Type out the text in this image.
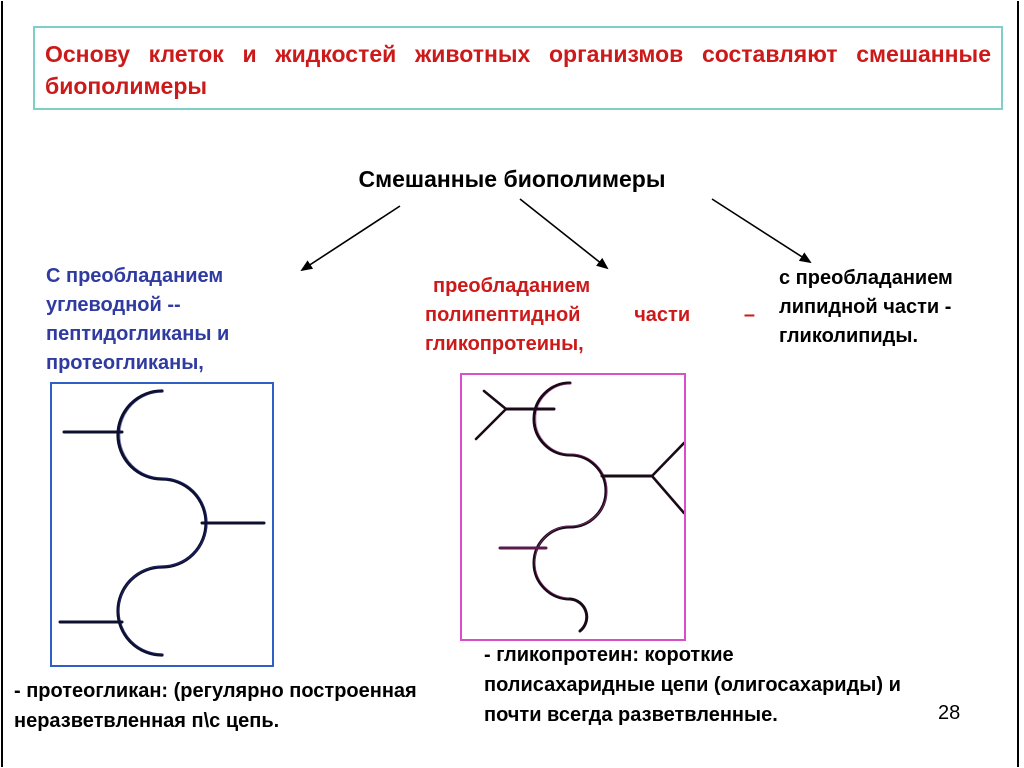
Основу клеток и жидкостей животных организмов составляют смешанные биополимеры
Смешанные биополимеры
С преобладанием углеводной -- пептидогликаны и протеогликаны,
преобладанием
полипептидной части –
гликопротеины,
с преобладанием липидной части - гликолипиды.
- протеогликан: (регулярно построенная неразветвленная п\с цепь.
- гликопротеин: короткие полисахаридные цепи (олигосахариды) и почти всегда разветвленные.	28
